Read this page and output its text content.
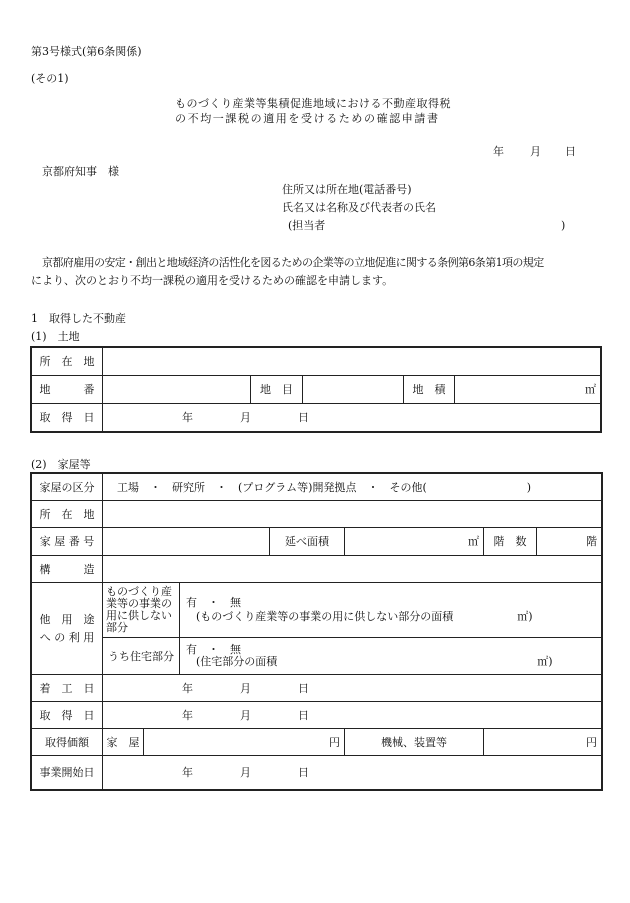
第3号様式(第6条関係)
(その1)
ものづくり産業等集積促進地域における不動産取得税
の不均一課税の適用を受けるための確認申請書
年 月 日
京都府知事　様
住所又は所在地(電話番号)
氏名又は名称及び代表者の氏名
(担当者	)
京都府雇用の安定・創出と地域経済の活性化を図るための企業等の立地促進に関する条例第6条第1項の規定
により、次のとおり不均一課税の適用を受けるための確認を申請します。
1　取得した不動産
(1)　土地
所　在　地					
地　　　番		地　目		地　積	㎡
取　得　日	年 月 日				
(2)　家屋等
家屋の区分	工場　・　研究所　・　(プログラム等)開発拠点　・　その他( )						
所　在　地							
家 屋 番 号				延べ面積	㎡	階　数	階
構　　　造							

他　用　途
へ の 利 用	ものづくり産
業等の事業の
用に供しない
部分		有　・　無
(ものづくり産業等の事業の用に供しない部分の面積 ㎡)				

	うち住宅部分		有　・　無
(住宅部分の面積 ㎡)				

着　工　日	年 月 日						
取　得　日	年 月 日						
取得価額	家　屋	円			機械、装置等	円	
事業開始日	年 月 日						
